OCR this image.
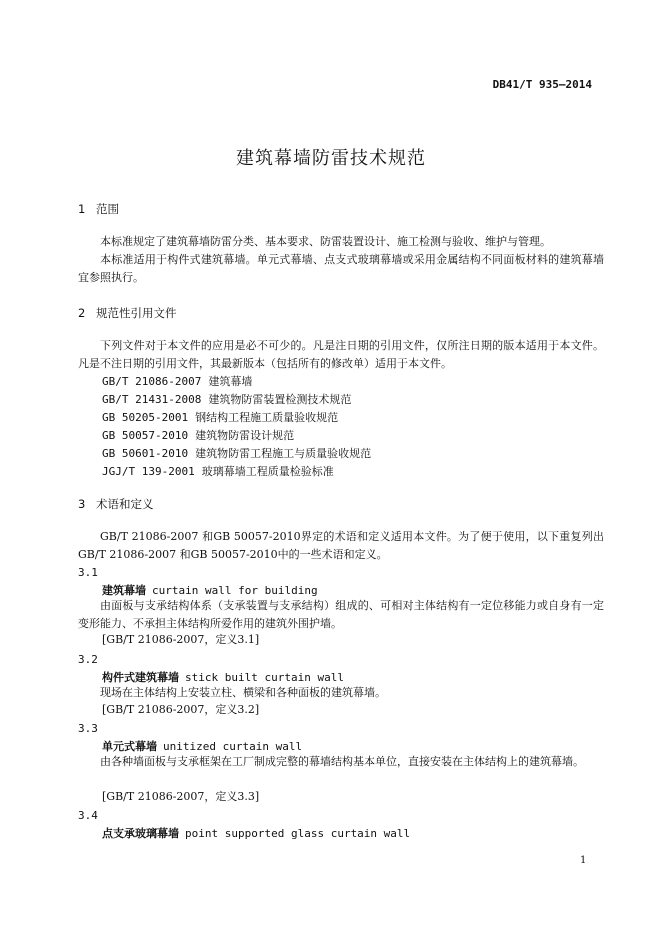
DB41/T 935—2014
建筑幕墙防雷技术规范
1 范围
本标准规定了建筑幕墙防雷分类、基本要求、防雷装置设计、施工检测与验收、维护与管理。
本标准适用于构件式建筑幕墙。单元式幕墙、点支式玻璃幕墙或采用金属结构不同面板材料的建筑幕墙宜参照执行。
2 规范性引用文件
下列文件对于本文件的应用是必不可少的。凡是注日期的引用文件，仅所注日期的版本适用于本文件。凡是不注日期的引用文件，其最新版本（包括所有的修改单）适用于本文件。
GB/T 21086-2007 建筑幕墙
GB/T 21431-2008 建筑物防雷装置检测技术规范
GB 50205-2001 钢结构工程施工质量验收规范
GB 50057-2010 建筑物防雷设计规范
GB 50601-2010 建筑物防雷工程施工与质量验收规范
JGJ/T 139-2001 玻璃幕墙工程质量检验标准
3 术语和定义
GB/T 21086-2007 和GB 50057-2010界定的术语和定义适用本文件。为了便于使用，以下重复列出GB/T 21086-2007 和GB 50057-2010中的一些术语和定义。
3.1
建筑幕墙 curtain wall for building
由面板与支承结构体系（支承装置与支承结构）组成的、可相对主体结构有一定位移能力或自身有一定变形能力、不承担主体结构所爱作用的建筑外围护墙。
[GB/T 21086-2007，定义3.1]
3.2
构件式建筑幕墙 stick built curtain wall
现场在主体结构上安装立柱、横梁和各种面板的建筑幕墙。
[GB/T 21086-2007，定义3.2]
3.3
单元式幕墙 unitized curtain wall
由各种墙面板与支承框架在工厂制成完整的幕墙结构基本单位，直接安装在主体结构上的建筑幕墙。
[GB/T 21086-2007，定义3.3]
3.4
点支承玻璃幕墙 point supported glass curtain wall
1
